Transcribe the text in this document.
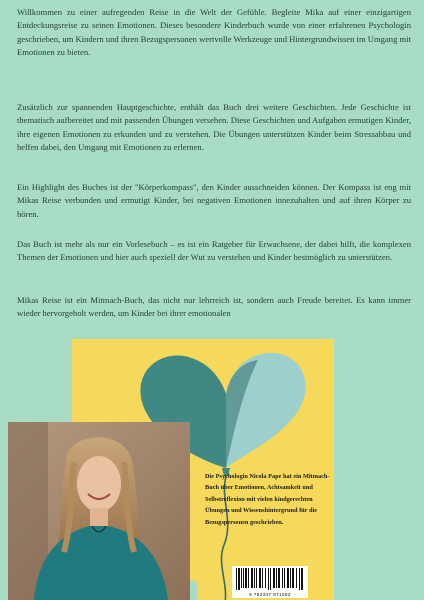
Willkommen zu einer aufregenden Reise in die Welt der Gefühle. Begleite Mika auf einer einzigartigen Entdeckungsreise zu seinen Emotionen. Dieses besondere Kinderbuch wurde von einer erfahrenen Psychologin geschrieben, um Kindern und ihren Bezugspersonen wertvolle Werkzeuge und Hintergrundwissen im Umgang mit Emotionen zu bieten.

Zusätzlich zur spannenden Hauptgeschichte, enthält das Buch drei weitere Geschichten. Jede Geschichte ist thematisch aufbereitet und mit passenden Übungen versehen. Diese Geschichten und Aufgaben ermutigen Kinder, ihre eigenen Emotionen zu erkunden und zu verstehen. Die Übungen unterstützen Kinder beim Stressabbau und helfen dabei, den Umgang mit Emotionen zu erlernen.

Ein Highlight des Buches ist der "Körperkompass", den Kinder ausschneiden können. Der Kompass ist eng mit Mikas Reise verbunden und ermutigt Kinder, bei negativen Emotionen innezuhalten und auf ihren Körper zu hören.

Das Buch ist mehr als nur ein Vorlesebuch – es ist ein Ratgeber für Erwachsene, der dabei hilft, die komplexen Themen der Emotionen und hier auch speziell der Wut zu verstehen und Kinder bestmöglich zu unterstützen.

Mikas Reise ist ein Mitmach-Buch, das nicht nur lehrreich ist, sondern auch Freude bereitet. Es kann immer wieder hervorgeholt werden, um Kinder bei ihrer emotionalen

Die Psychologin Nicola Pape hat ein Mitmach-Buch über Emotionen, Achtsamkeit und Selbstreflexion mit vielen kindgerechten Übungen und Wissenshintergrund für die Bezugspersonen geschrieben.

9 783347 971062
